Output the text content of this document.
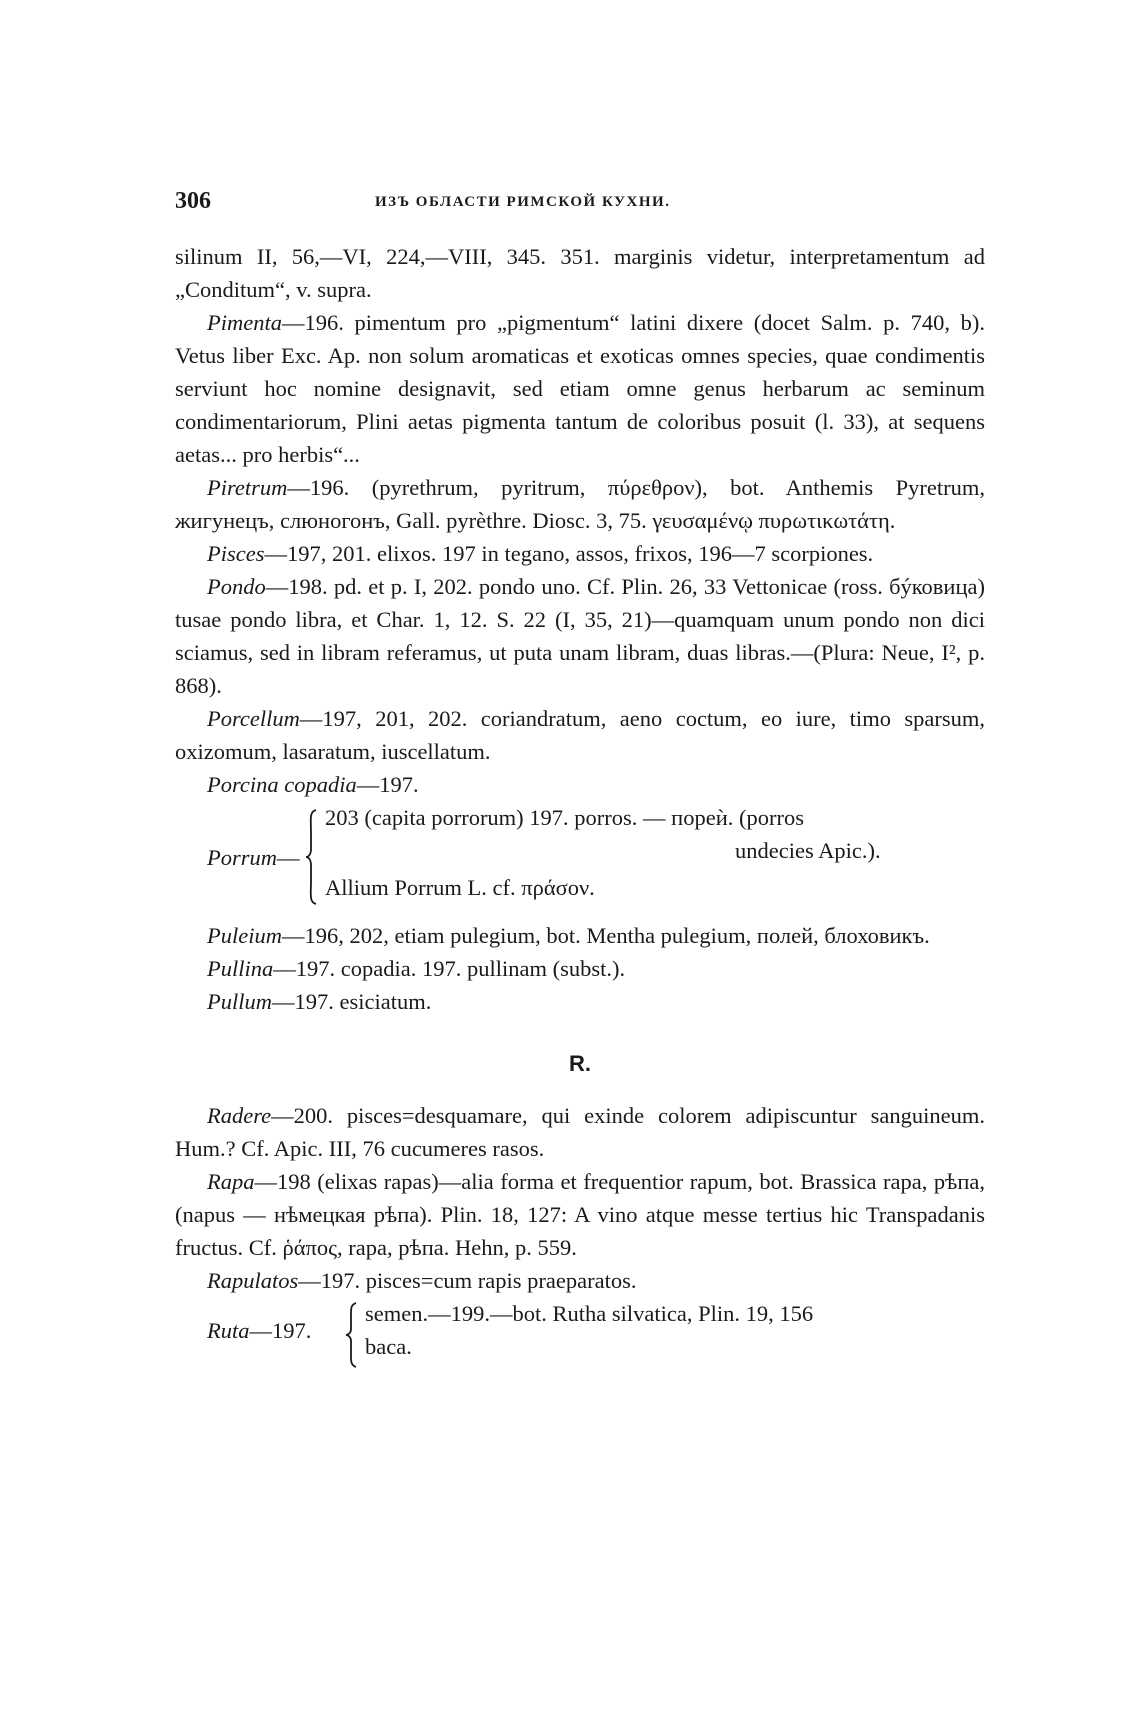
306	ИЗЪ ОБЛАСТИ РИМСКОЙ КУХНИ.

silinum II, 56,—VI, 224,—VIII, 345. 351. marginis videtur, interpretamentum ad „Conditum“, v. supra.

Pimenta—196. pimentum pro „pigmentum“ latini dixere (docet Salm. p. 740, b). Vetus liber Exc. Ap. non solum aromaticas et exoticas omnes species, quae condimentis serviunt hoc nomine designavit, sed etiam omne genus herbarum ac seminum condimentariorum, Plini aetas pigmenta tantum de coloribus posuit (l. 33), at sequens aetas... pro herbis“...

Piretrum—196. (pyrethrum, pyritrum, πύρεθρον), bot. Anthemis Pyretrum, жигунецъ, слюногонъ, Gall. pyrèthre. Diosc. 3, 75. γευσαμένῳ πυρωτικωτάτη.

Pisces—197, 201. elixos. 197 in tegano, assos, frixos, 196—7 scorpiones.

Pondo—198. pd. et p. I, 202. pondo uno. Cf. Plin. 26, 33 Vettonicae (ross. бýковица) tusae pondo libra, et Char. 1, 12. S. 22 (I, 35, 21)—quamquam unum pondo non dici sciamus, sed in libram referamus, ut puta unam libram, duas libras.—(Plura: Neue, I², p. 868).

Porcellum—197, 201, 202. coriandratum, aeno coctum, eo iure, timo sparsum, oxizomum, lasaratum, iuscellatum.

Porcina copadia—197.

Porrum—
203 (capita porrorum) 197. porros. — пореѝ. (porros
undecies Apic.).
Allium Porrum L. cf. πράσον.

Puleium—196, 202, etiam pulegium, bot. Mentha pulegium, полей, блоховикъ.

Pullina—197. copadia. 197. pullinam (subst.).

Pullum—197. esiciatum.

R.

Radere—200. pisces=desquamare, qui exinde colorem adipiscuntur sanguineum. Hum.? Cf. Apic. III, 76 cucumeres rasos.

Rapa—198 (elixas rapas)—alia forma et frequentior rapum, bot. Brassica rapa, рѣпа, (napus — нѣмецкая рѣпа). Plin. 18, 127: A vino atque messe tertius hic Transpadanis fructus. Cf. ῥάπος, rapa, рѣпа. Hehn, p. 559.

Rapulatos—197. pisces=cum rapis praeparatos.

Ruta—197.
semen.—199.—bot. Rutha silvatica, Plin. 19, 156
baca.
